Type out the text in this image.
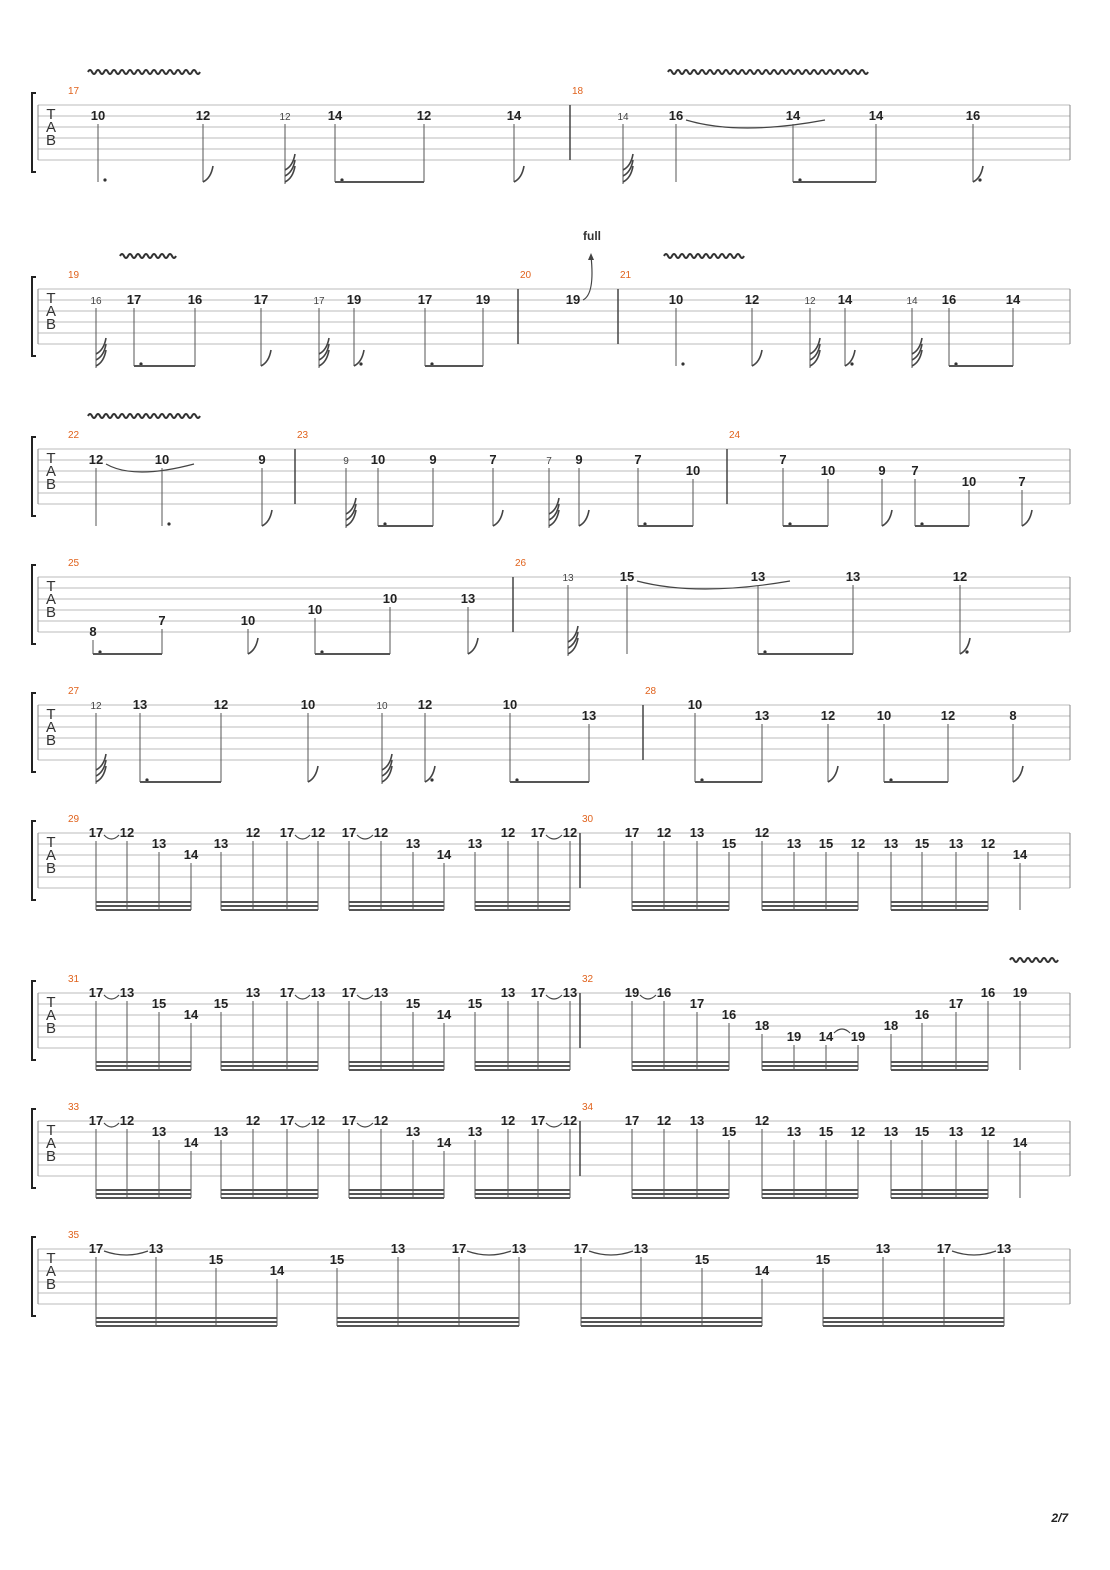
T
A
B
17
10	12	12	14	12	14
18
14	16	14	14	16
T
A
B
19
16 17	16	17	17 19	17	19
20
19
full
21
10	12	12 14	14 16	14
T
A
B
22
12	10	9
23
9 10	9	7	7 9	7
10
24
7
10	9 7
10	7
T
A
B
25
8
7	10
10
10	13
26
13	15	13	13	12
T
A
B
27
12 13	12	10	10 12	10
13
28
10
13	12	10	12	8
T
A
B
29
17 12
13
14
13
12 17 12 17 12
13
14
13
12 17 12
30
17 12 13
15
12
13 15 12 13 15 13 12
14
T
A
B
31
17 13
15
14
15
13 17 13 17 13
15
14
15
13 17 13
32
19 16
17
16
18
19 14 19
18
16
17
16 19
T
A
B
33
17 12
13
14
13
12 17 12 17 12
13
14
13
12 17 12
34
17 12 13
15
12
13 15 12 13 15 13 12
14
T
A
B
35
17	13
15
14
15
13	17	13	17	13
15
14
15
13	17	13
2/7
